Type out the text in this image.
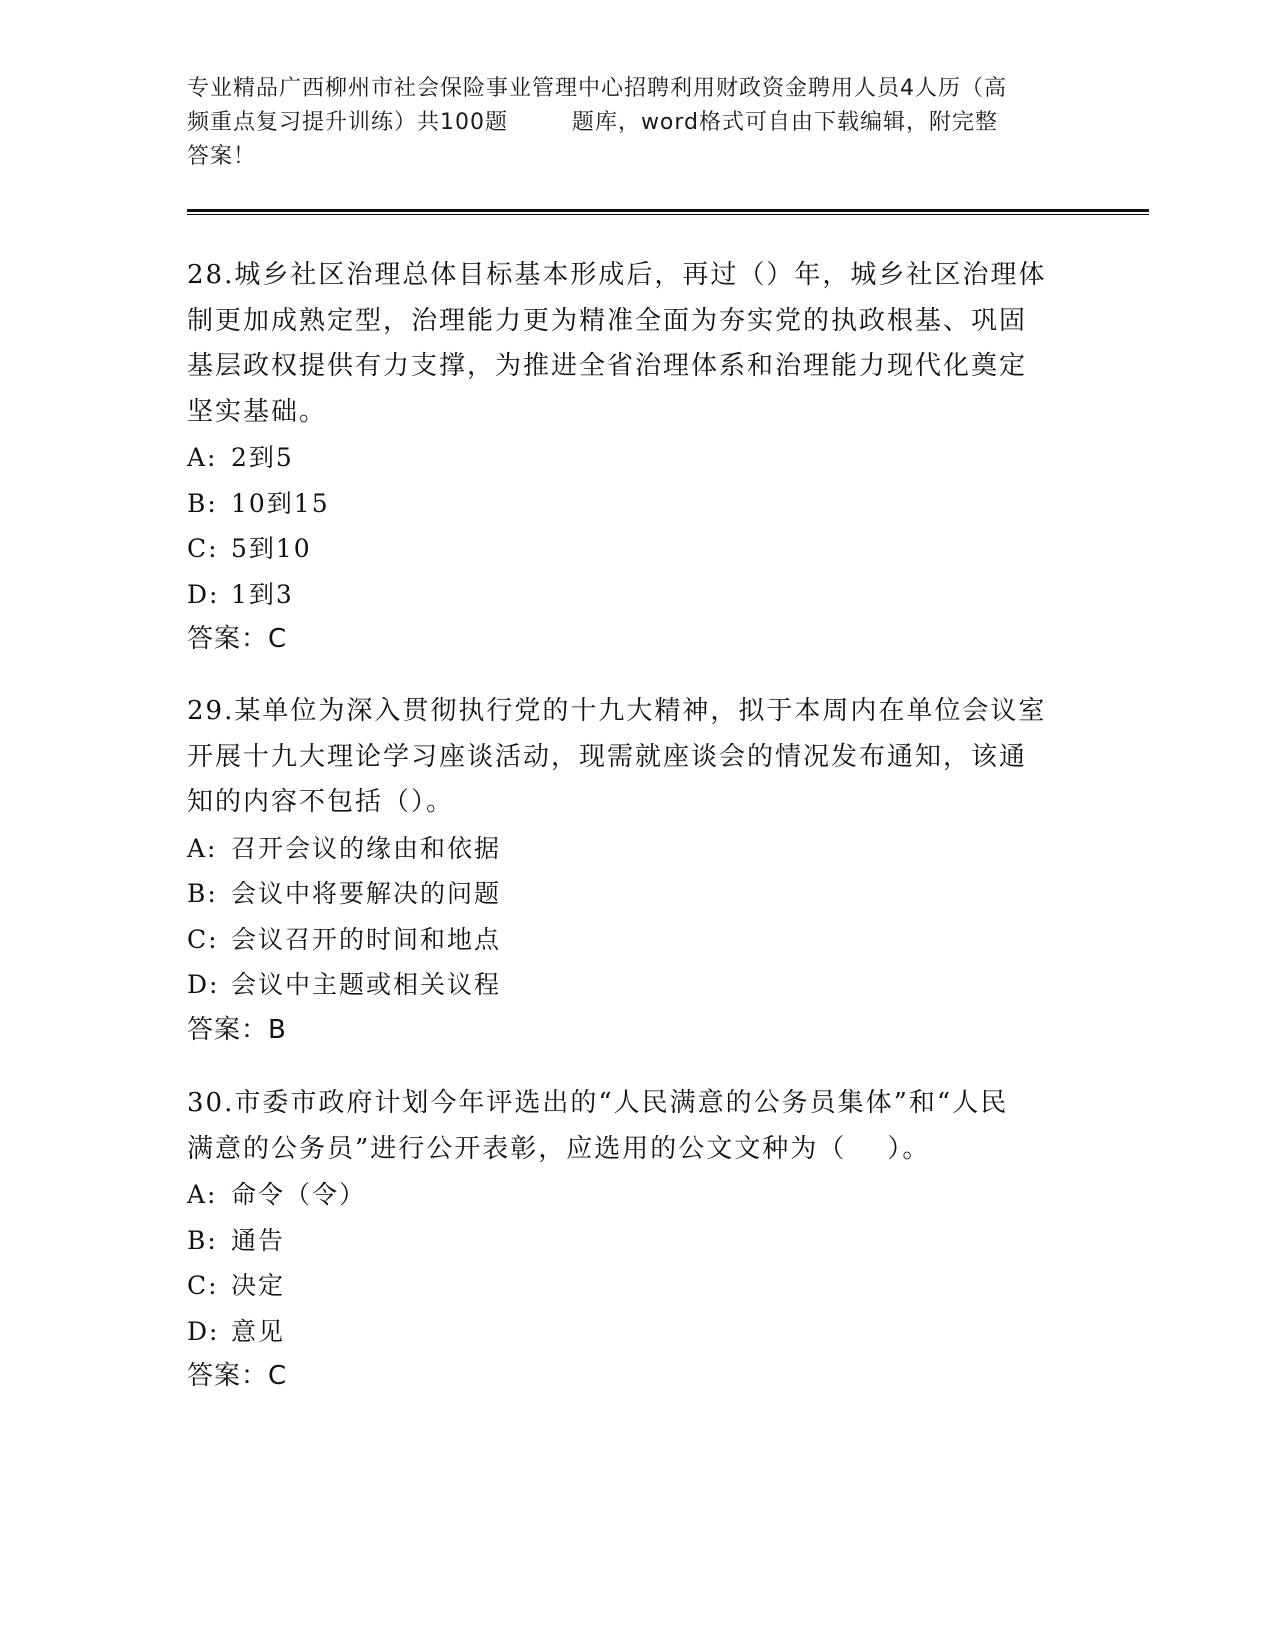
专业精品广西柳州市社会保险事业管理中心招聘利用财政资金聘用人员4人历（高
频重点复习提升训练）共100题        题库，word格式可自由下载编辑，附完整
答案！
28.城乡社区治理总体目标基本形成后，再过（）年，城乡社区治理体
制更加成熟定型，治理能力更为精准全面为夯实党的执政根基、巩固
基层政权提供有力支撑，为推进全省治理体系和治理能力现代化奠定
坚实基础。
A: 2到5
B: 10到15
C: 5到10
D: 1到3
答案：C
29.某单位为深入贯彻执行党的十九大精神，拟于本周内在单位会议室
开展十九大理论学习座谈活动，现需就座谈会的情况发布通知，该通
知的内容不包括（）。
A: 召开会议的缘由和依据
B: 会议中将要解决的问题
C: 会议召开的时间和地点
D: 会议中主题或相关议程
答案：B
30.市委市政府计划今年评选出的“人民满意的公务员集体”和“人民
满意的公务员”进行公开表彰，应选用的公文文种为（    ）。
A: 命令（令）
B: 通告
C: 决定
D: 意见
答案：C
